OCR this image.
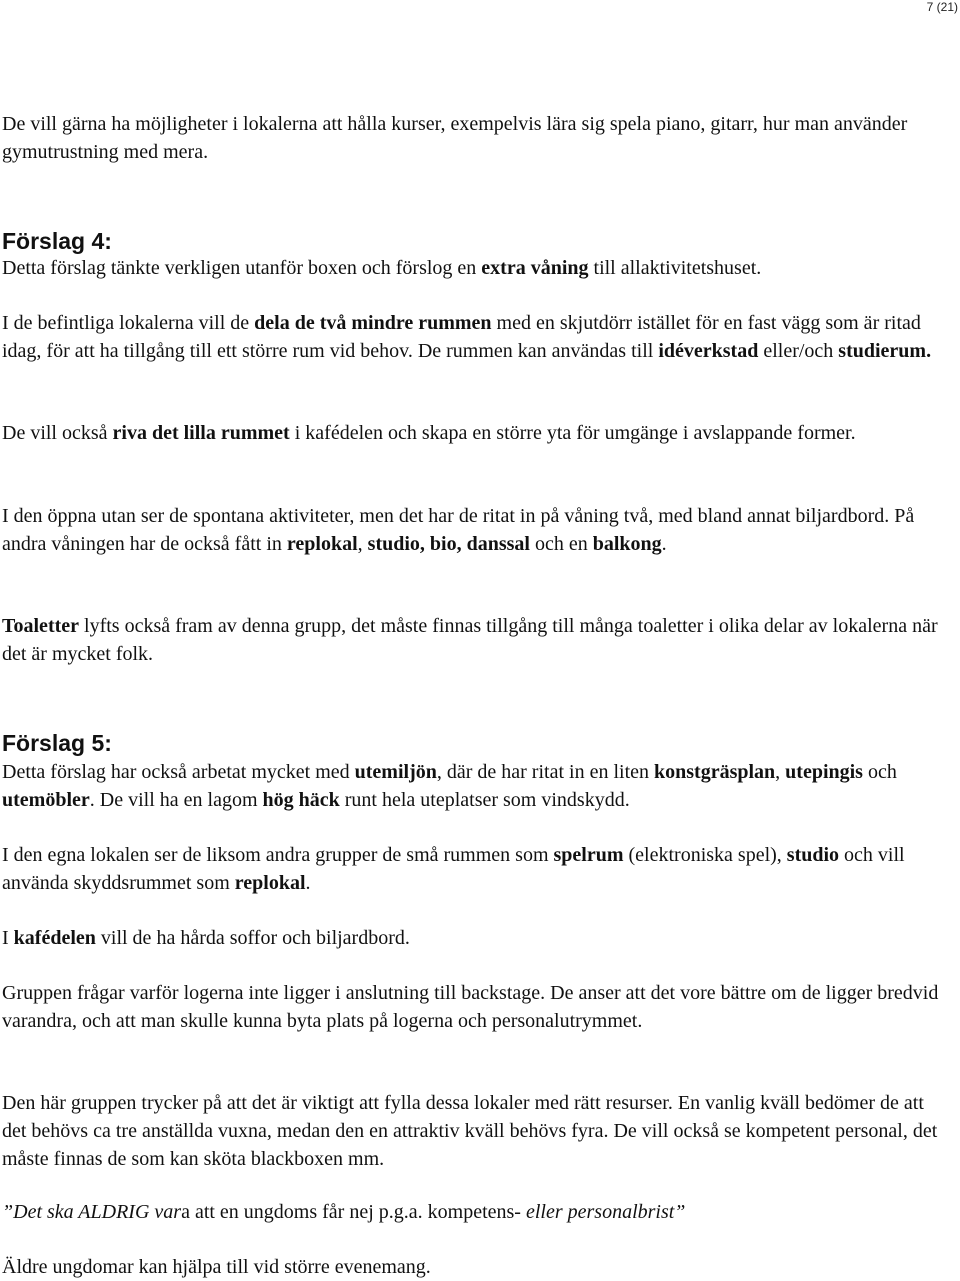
7 (21)

De vill gärna ha möjligheter i lokalerna att hålla kurser, exempelvis lära sig spela piano, gitarr, hur man använder gymutrustning med mera.

Förslag 4:

Detta förslag tänkte verkligen utanför boxen och förslog en extra våning till allaktivitetshuset.

I de befintliga lokalerna vill de dela de två mindre rummen med en skjutdörr istället för en fast vägg som är ritad idag, för att ha tillgång till ett större rum vid behov. De rummen kan användas till idéverkstad eller/och studierum.

De vill också riva det lilla rummet i kafédelen och skapa en större yta för umgänge i avslappande former.

I den öppna utan ser de spontana aktiviteter, men det har de ritat in på våning två, med bland annat biljardbord. På andra våningen har de också fått in replokal, studio, bio, danssal och en balkong.

Toaletter lyfts också fram av denna grupp, det måste finnas tillgång till många toaletter i olika delar av lokalerna när det är mycket folk.

Förslag 5:

Detta förslag har också arbetat mycket med utemiljön, där de har ritat in en liten konstgräsplan, utepingis och utemöbler. De vill ha en lagom hög häck runt hela uteplatser som vindskydd.

I den egna lokalen ser de liksom andra grupper de små rummen som spelrum (elektroniska spel), studio och vill använda skyddsrummet som replokal.

I kafédelen vill de ha hårda soffor och biljardbord.

Gruppen frågar varför logerna inte ligger i anslutning till backstage. De anser att det vore bättre om de ligger bredvid varandra, och att man skulle kunna byta plats på logerna och personalutrymmet.

Den här gruppen trycker på att det är viktigt att fylla dessa lokaler med rätt resurser. En vanlig kväll bedömer de att det behövs ca tre anställda vuxna, medan den en attraktiv kväll behövs fyra. De vill också se kompetent personal, det måste finnas de som kan sköta blackboxen mm.

”Det ska ALDRIG vara att en ungdoms får nej p.g.a. kompetens- eller personalbrist”

Äldre ungdomar kan hjälpa till vid större evenemang.
